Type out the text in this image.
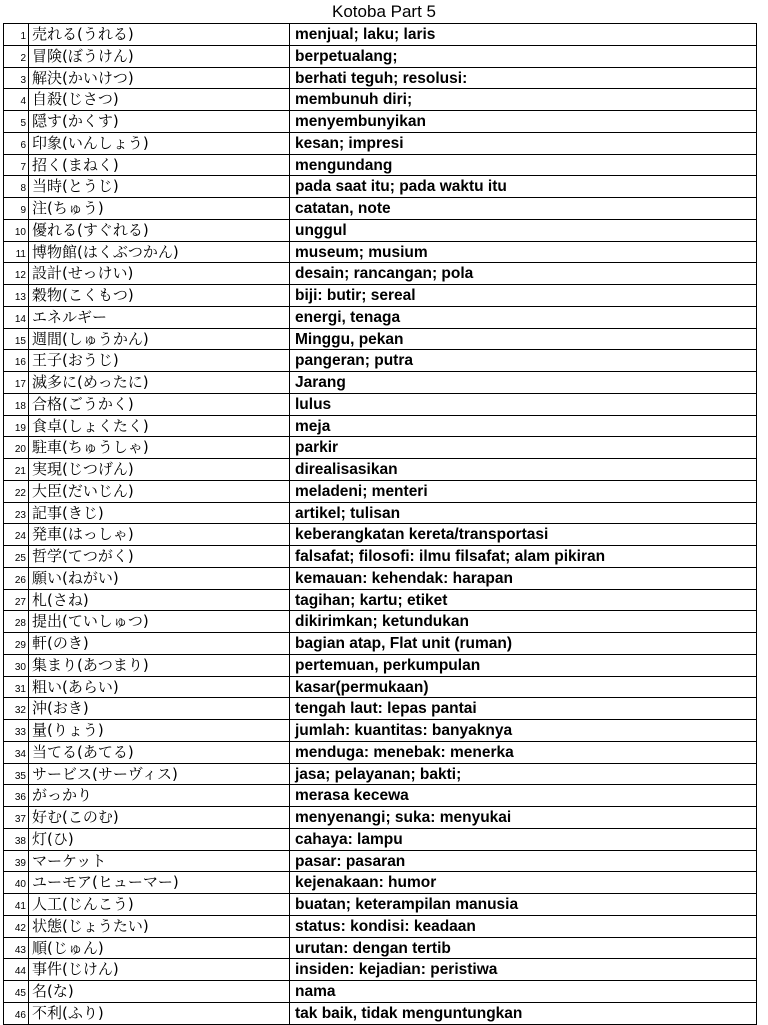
Kotoba Part 5
1 売れる(うれる)	menjual; laku; laris
2 冒険(ぼうけん)	berpetualang;
3 解決(かいけつ)	berhati teguh; resolusi:
4 自殺(じさつ)	membunuh diri;
5 隠す(かくす)	menyembunyikan
6 印象(いんしょう)	kesan; impresi
7 招く(まねく)	mengundang
8 当時(とうじ)	pada saat itu; pada waktu itu
9 注(ちゅう)	catatan, note
10 優れる(すぐれる)	unggul
11 博物館(はくぶつかん)	museum; musium
12 設計(せっけい)	desain; rancangan; pola
13 穀物(こくもつ)	biji: butir; sereal
14 エネルギー	energi, tenaga
15 週間(しゅうかん)	Minggu, pekan
16 王子(おうじ)	pangeran; putra
17 滅多に(めったに)	Jarang
18 合格(ごうかく)	lulus
19 食卓(しょくたく)	meja
20 駐車(ちゅうしゃ)	parkir
21 実現(じつげん)	direalisasikan
22 大臣(だいじん)	meladeni; menteri
23 記事(きじ)	artikel; tulisan
24 発車(はっしゃ)	keberangkatan kereta/transportasi
25 哲学(てつがく)	falsafat; filosofi: ilmu filsafat; alam pikiran
26 願い(ねがい)	kemauan: kehendak: harapan
27 札(さね)	tagihan; kartu; etiket
28 提出(ていしゅつ)	dikirimkan; ketundukan
29 軒(のき)	bagian atap, Flat unit (ruman)
30 集まり(あつまり)	pertemuan, perkumpulan
31 粗い(あらい)	kasar(permukaan)
32 沖(おき)	tengah laut: lepas pantai
33 量(りょう)	jumlah: kuantitas: banyaknya
34 当てる(あてる)	menduga: menebak: menerka
35 サービス(サーヴィス)	jasa; pelayanan; bakti;
36 がっかり	merasa kecewa
37 好む(このむ)	menyenangi; suka: menyukai
38 灯(ひ)	cahaya: lampu
39 マーケット	pasar: pasaran
40 ユーモア(ヒューマー)	kejenakaan: humor
41 人工(じんこう)	buatan; keterampilan manusia
42 状態(じょうたい)	status: kondisi: keadaan
43 順(じゅん)	urutan: dengan tertib
44 事件(じけん)	insiden: kejadian: peristiwa
45 名(な)	nama
46 不利(ふり)	tak baik, tidak menguntungkan
